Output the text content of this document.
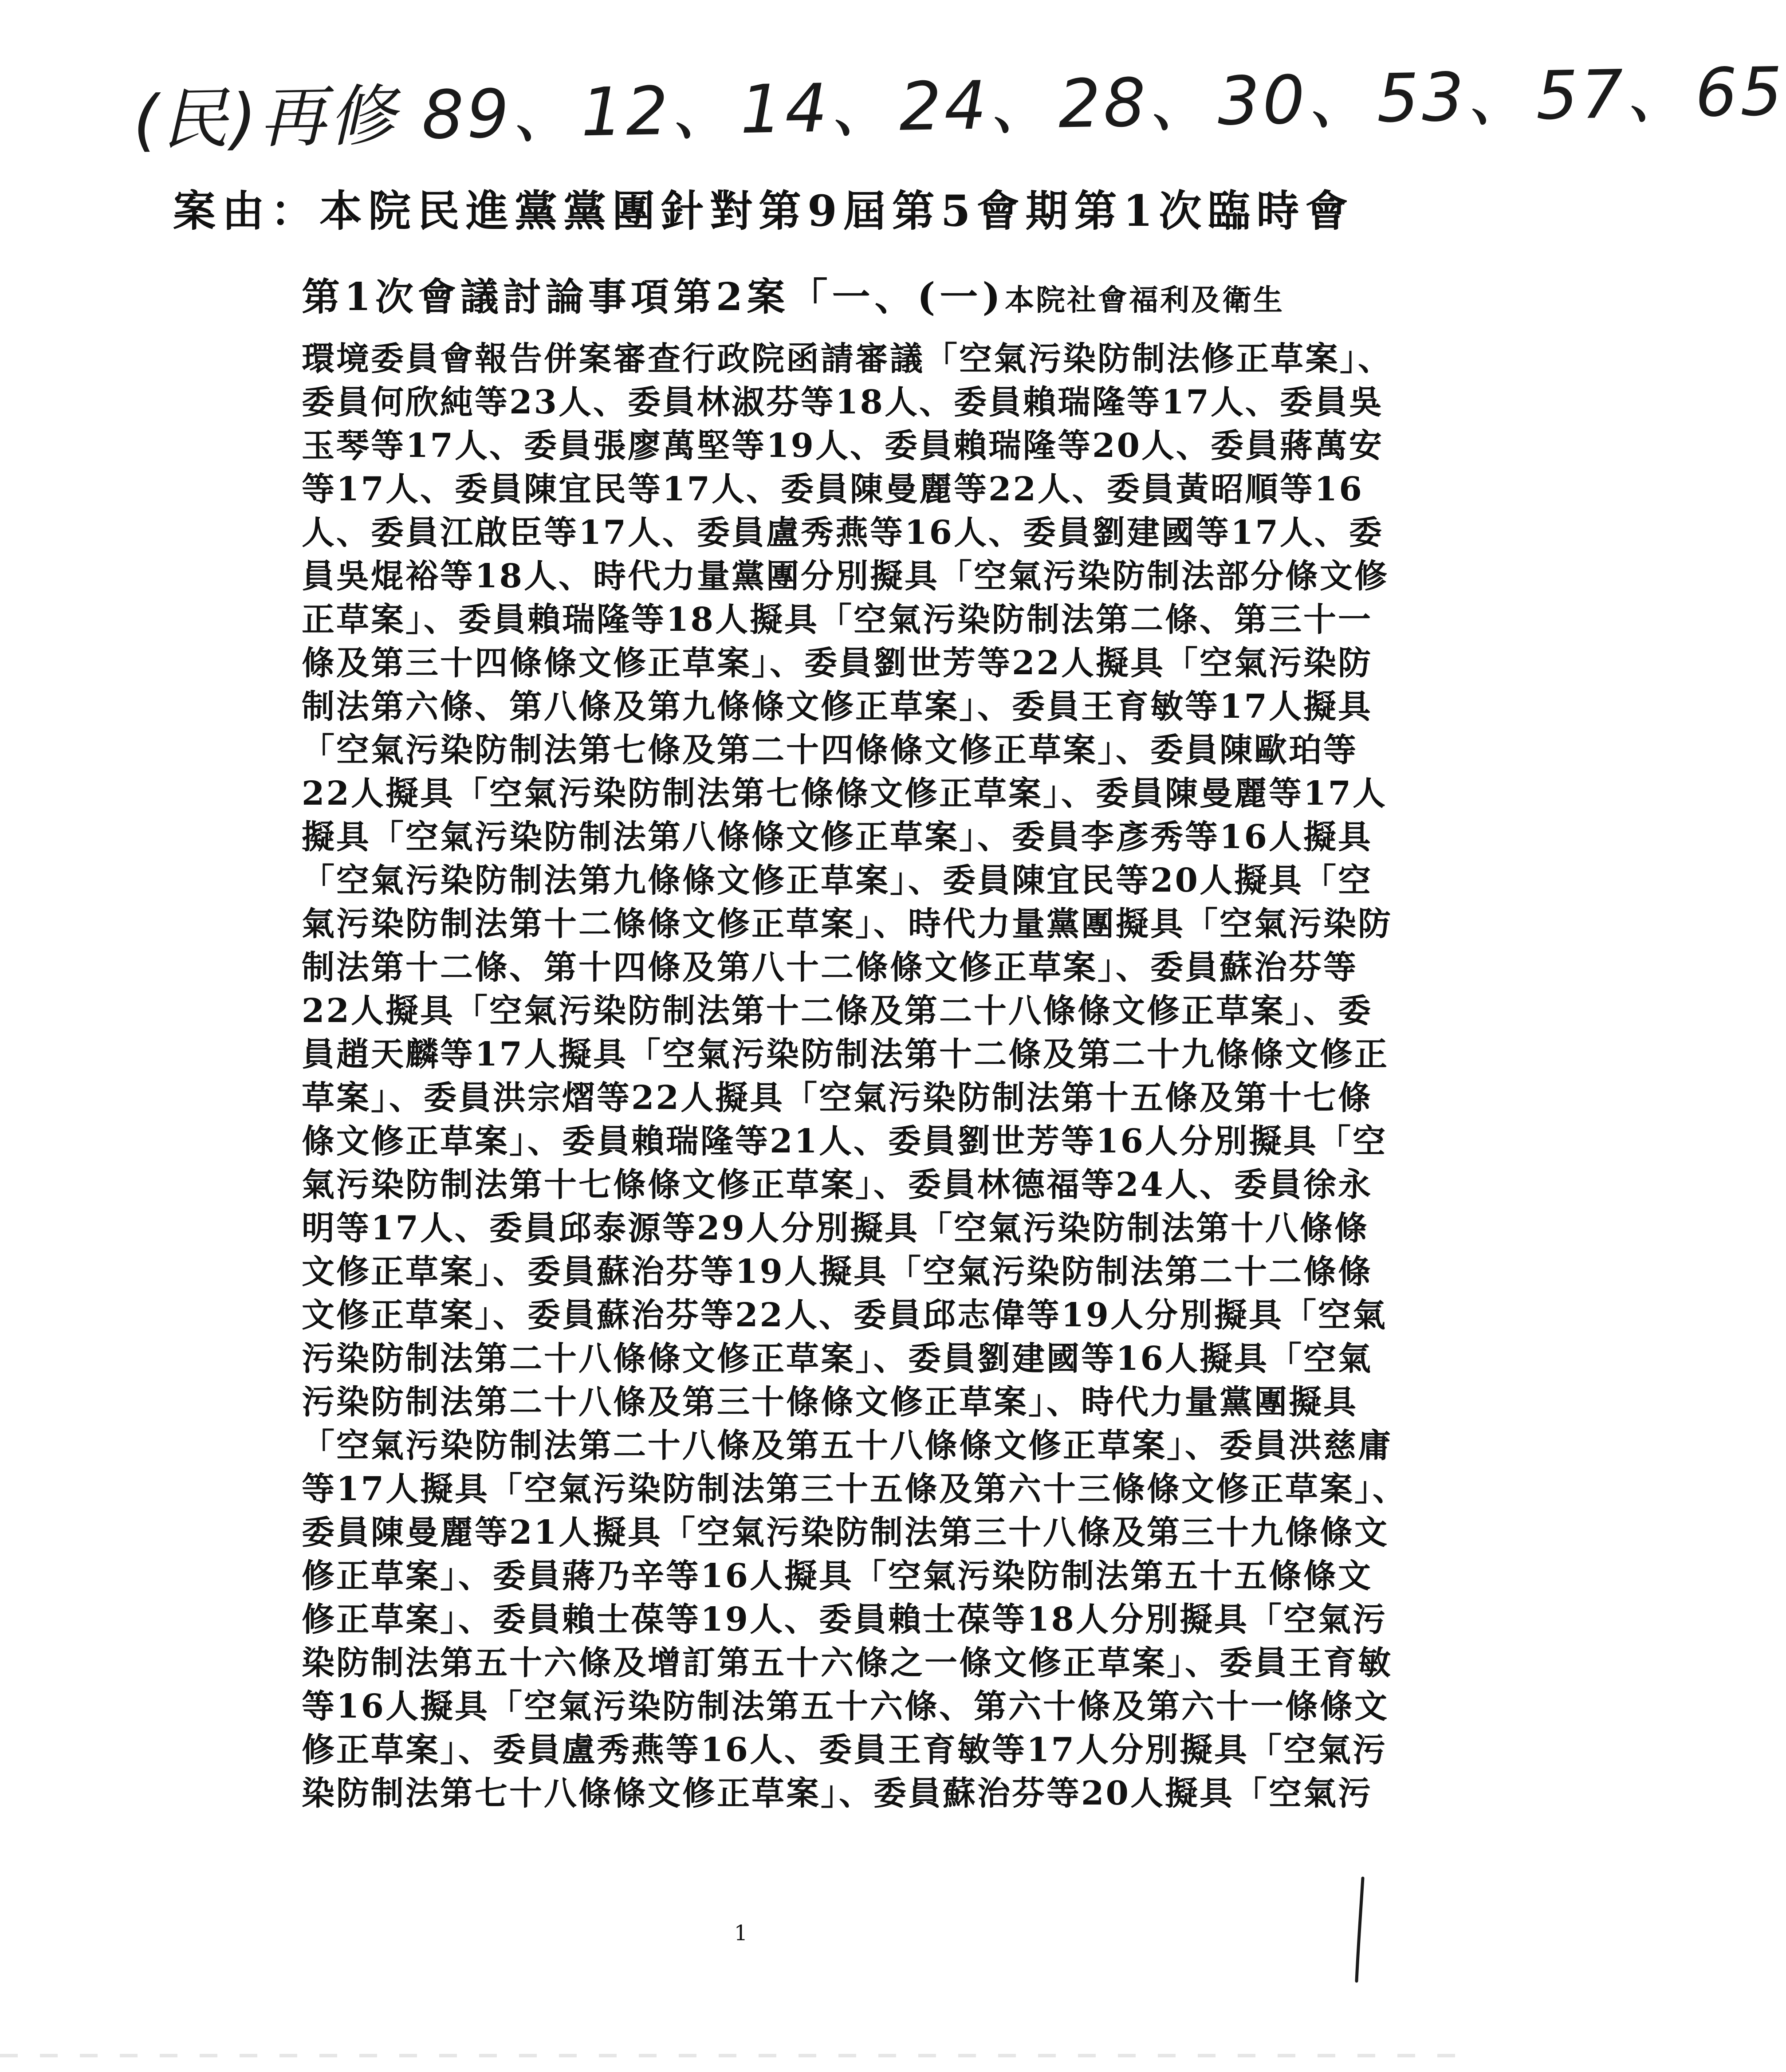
(民)再修 89、12、14、24、28、30、53、57、65
案由：本院民進黨黨團針對第9屆第5會期第1次臨時會
第1次會議討論事項第2案「一、(一)本院社會福利及衛生
環境委員會報告併案審查行政院函請審議「空氣污染防制法修正草案」、
委員何欣純等23人、委員林淑芬等18人、委員賴瑞隆等17人、委員吳
玉琴等17人、委員張廖萬堅等19人、委員賴瑞隆等20人、委員蔣萬安
等17人、委員陳宜民等17人、委員陳曼麗等22人、委員黃昭順等16
人、委員江啟臣等17人、委員盧秀燕等16人、委員劉建國等17人、委
員吳焜裕等18人、時代力量黨團分別擬具「空氣污染防制法部分條文修
正草案」、委員賴瑞隆等18人擬具「空氣污染防制法第二條、第三十一
條及第三十四條條文修正草案」、委員劉世芳等22人擬具「空氣污染防
制法第六條、第八條及第九條條文修正草案」、委員王育敏等17人擬具
「空氣污染防制法第七條及第二十四條條文修正草案」、委員陳歐珀等
22人擬具「空氣污染防制法第七條條文修正草案」、委員陳曼麗等17人
擬具「空氣污染防制法第八條條文修正草案」、委員李彥秀等16人擬具
「空氣污染防制法第九條條文修正草案」、委員陳宜民等20人擬具「空
氣污染防制法第十二條條文修正草案」、時代力量黨團擬具「空氣污染防
制法第十二條、第十四條及第八十二條條文修正草案」、委員蘇治芬等
22人擬具「空氣污染防制法第十二條及第二十八條條文修正草案」、委
員趙天麟等17人擬具「空氣污染防制法第十二條及第二十九條條文修正
草案」、委員洪宗熠等22人擬具「空氣污染防制法第十五條及第十七條
條文修正草案」、委員賴瑞隆等21人、委員劉世芳等16人分別擬具「空
氣污染防制法第十七條條文修正草案」、委員林德福等24人、委員徐永
明等17人、委員邱泰源等29人分別擬具「空氣污染防制法第十八條條
文修正草案」、委員蘇治芬等19人擬具「空氣污染防制法第二十二條條
文修正草案」、委員蘇治芬等22人、委員邱志偉等19人分別擬具「空氣
污染防制法第二十八條條文修正草案」、委員劉建國等16人擬具「空氣
污染防制法第二十八條及第三十條條文修正草案」、時代力量黨團擬具
「空氣污染防制法第二十八條及第五十八條條文修正草案」、委員洪慈庸
等17人擬具「空氣污染防制法第三十五條及第六十三條條文修正草案」、
委員陳曼麗等21人擬具「空氣污染防制法第三十八條及第三十九條條文
修正草案」、委員蔣乃辛等16人擬具「空氣污染防制法第五十五條條文
修正草案」、委員賴士葆等19人、委員賴士葆等18人分別擬具「空氣污
染防制法第五十六條及增訂第五十六條之一條文修正草案」、委員王育敏
等16人擬具「空氣污染防制法第五十六條、第六十條及第六十一條條文
修正草案」、委員盧秀燕等16人、委員王育敏等17人分別擬具「空氣污
染防制法第七十八條條文修正草案」、委員蘇治芬等20人擬具「空氣污
1
